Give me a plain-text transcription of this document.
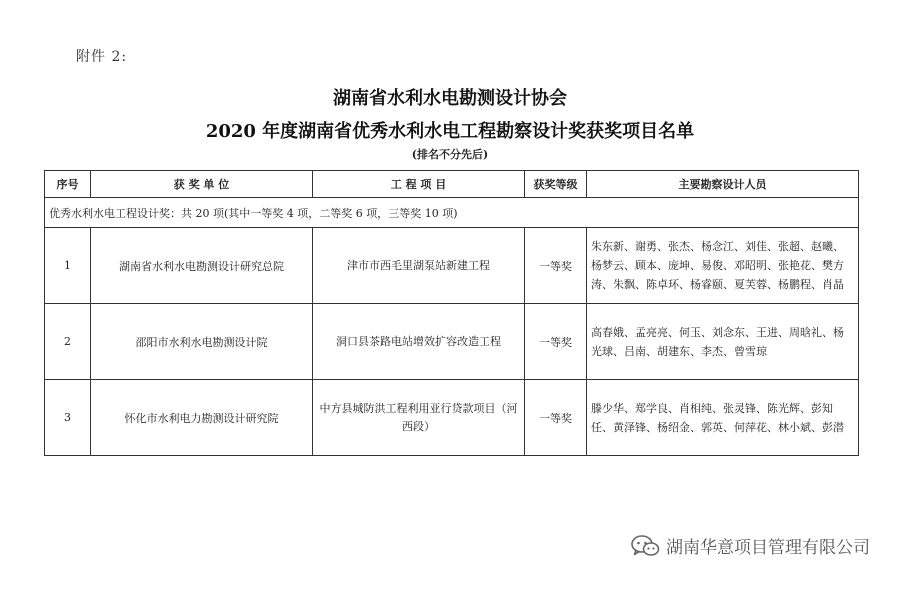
附件 2:
湖南省水利水电勘测设计协会
2020 年度湖南省优秀水利水电工程勘察设计奖获奖项目名单
(排名不分先后)
序号	获 奖 单 位	工 程 项 目	获奖等级	主要勘察设计人员
优秀水利水电工程设计奖：共 20 项(其中一等奖 4 项，二等奖 6 项，三等奖 10 项)				
1	湖南省水利水电勘测设计研究总院	津市市西毛里湖泵站新建工程	一等奖	朱东新、谢勇、张杰、杨念江、刘佳、张超、赵曦、杨梦云、顾本、庞坤、易俊、邓昭明、张艳花、樊方涛、朱飘、陈卓环、杨睿颐、夏芙蓉、杨鹏程、肖晶
2	邵阳市水利水电勘测设计院	洞口县茶路电站增效扩容改造工程	一等奖	高春娥、孟亮亮、何玉、刘念东、王进、周晗礼、杨光球、吕南、胡建东、李杰、曾雪琼
3	怀化市水利电力勘测设计研究院	中方县城防洪工程利用亚行贷款项目（河西段）	一等奖	滕少华、郑学良、肖相纯、张灵锋、陈光辉、彭知任、黄泽锋、杨绍金、郭英、何萍花、林小斌、彭潜
湖南华意项目管理有限公司
